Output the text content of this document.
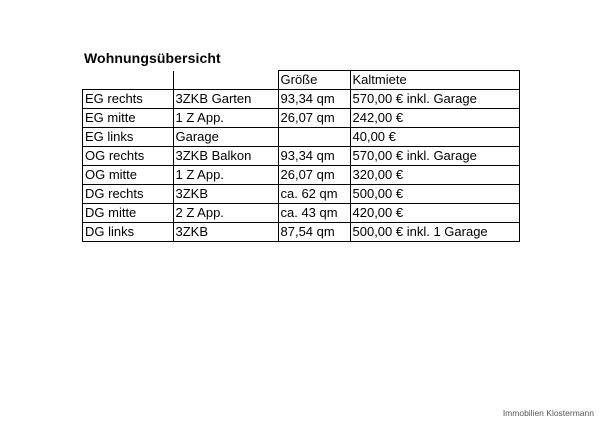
Wohnungsübersicht
		Größe	Kaltmiete
EG rechts	3ZKB Garten	93,34 qm	570,00 € inkl. Garage
EG mitte	1 Z App.	26,07 qm	242,00 €
EG links	Garage		40,00 €
OG rechts	3ZKB Balkon	93,34 qm	570,00 € inkl. Garage
OG mitte	1 Z App.	26,07 qm	320,00 €
DG rechts	3ZKB	ca. 62 qm	500,00 €
DG mitte	2 Z App.	ca. 43 qm	420,00 €
DG links	3ZKB	87,54 qm	500,00 € inkl. 1 Garage
Immobilien Klostermann
